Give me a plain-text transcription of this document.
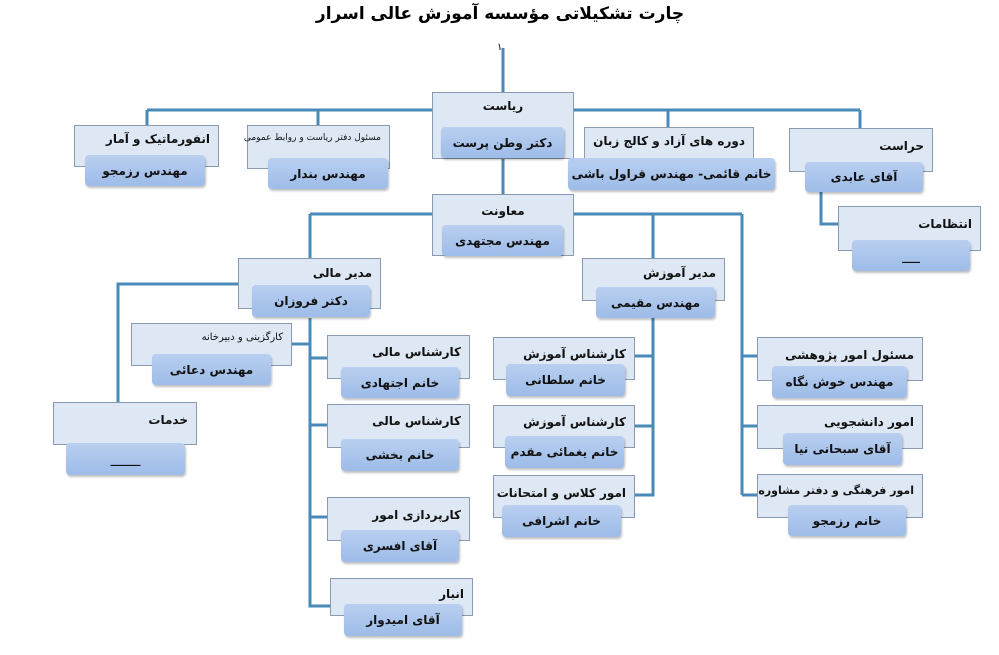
چارت تشکیلاتی مؤسسه آموزش عالی اسرار
ریاست
دکتر وطن پرست
انفورماتیک و آمار
مهندس رزمجو
مسئول دفتر ریاست و روابط عمومی
مهندس بندار
دوره های آزاد و کالج زبان
خانم قائمی- مهندس قراول باشی
حراست
آقای عابدی
انتظامات
___
معاونت
مهندس مجتهدی
مدیر مالی
دکتر فروزان
مدیر آموزش
مهندس مقیمی
کارگزینی و دبیرخانه
مهندس دعائی
خدمات
_____
کارشناس مالی
خانم اجتهادی
کارشناس مالی
خانم بخشی
کارپردازی امور
آقای افسری
انبار
آقای امیدوار
کارشناس آموزش
خانم سلطانی
کارشناس آموزش
خانم یغمائی مقدم
امور کلاس و امتحانات
خانم اشرافی
مسئول امور پژوهشی
مهندس خوش نگاه
امور دانشجویی
آقای سبحانی نیا
امور فرهنگی و دفتر مشاوره
خانم رزمجو
١
